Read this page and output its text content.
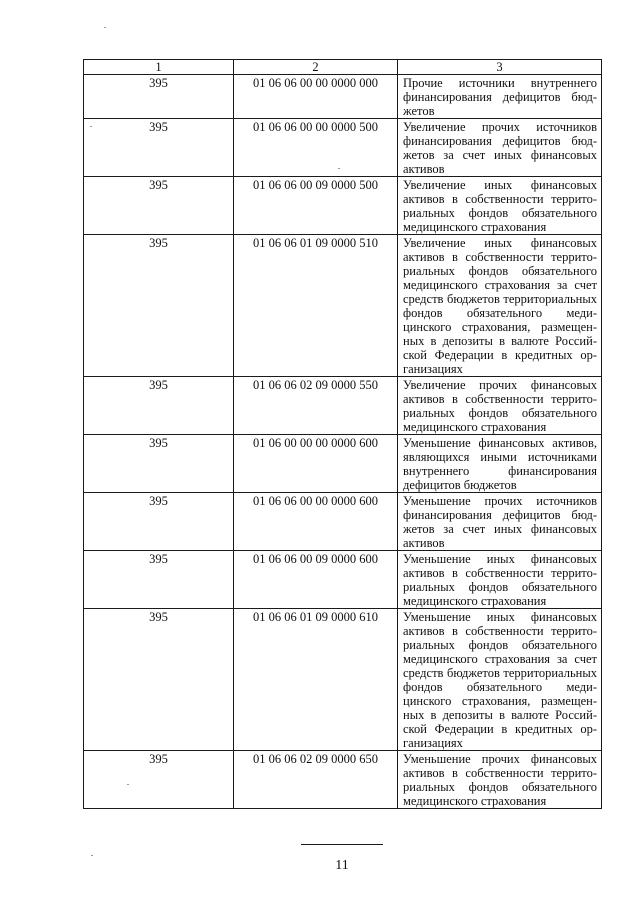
1	2	3
395	01 06 06 00 00 0000 000	Прочие источники внутреннего финансирования дефицитов бюджетов
395	01 06 06 00 00 0000 500	Увеличение прочих источников финансирования дефицитов бюджетов за счет иных финансовых активов
395	01 06 06 00 09 0000 500	Увеличение иных финансовых активов в собственности территориальных фондов обязательного медицинского страхования
395	01 06 06 01 09 0000 510	Увеличение иных финансовых активов в собственности территориальных фондов обязательного медицинского страхования за счет средств бюджетов территориальных фондов обязательного медицинского страхования, размещенных в депозиты в валюте Российской Федерации в кредитных организациях
395	01 06 06 02 09 0000 550	Увеличение прочих финансовых активов в собственности территориальных фондов обязательного медицинского страхования
395	01 06 00 00 00 0000 600	Уменьшение финансовых активов, являющихся иными источниками внутреннего финансирования дефицитов бюджетов
395	01 06 06 00 00 0000 600	Уменьшение прочих источников финансирования дефицитов бюджетов за счет иных финансовых активов
395	01 06 06 00 09 0000 600	Уменьшение иных финансовых активов в собственности территориальных фондов обязательного медицинского страхования
395	01 06 06 01 09 0000 610	Уменьшение иных финансовых активов в собственности территориальных фондов обязательного медицинского страхования за счет средств бюджетов территориальных фондов обязательного медицинского страхования, размещенных в депозиты в валюте Российской Федерации в кредитных организациях
395	01 06 06 02 09 0000 650	Уменьшение прочих финансовых активов в собственности территориальных фондов обязательного медицинского страхования
11
